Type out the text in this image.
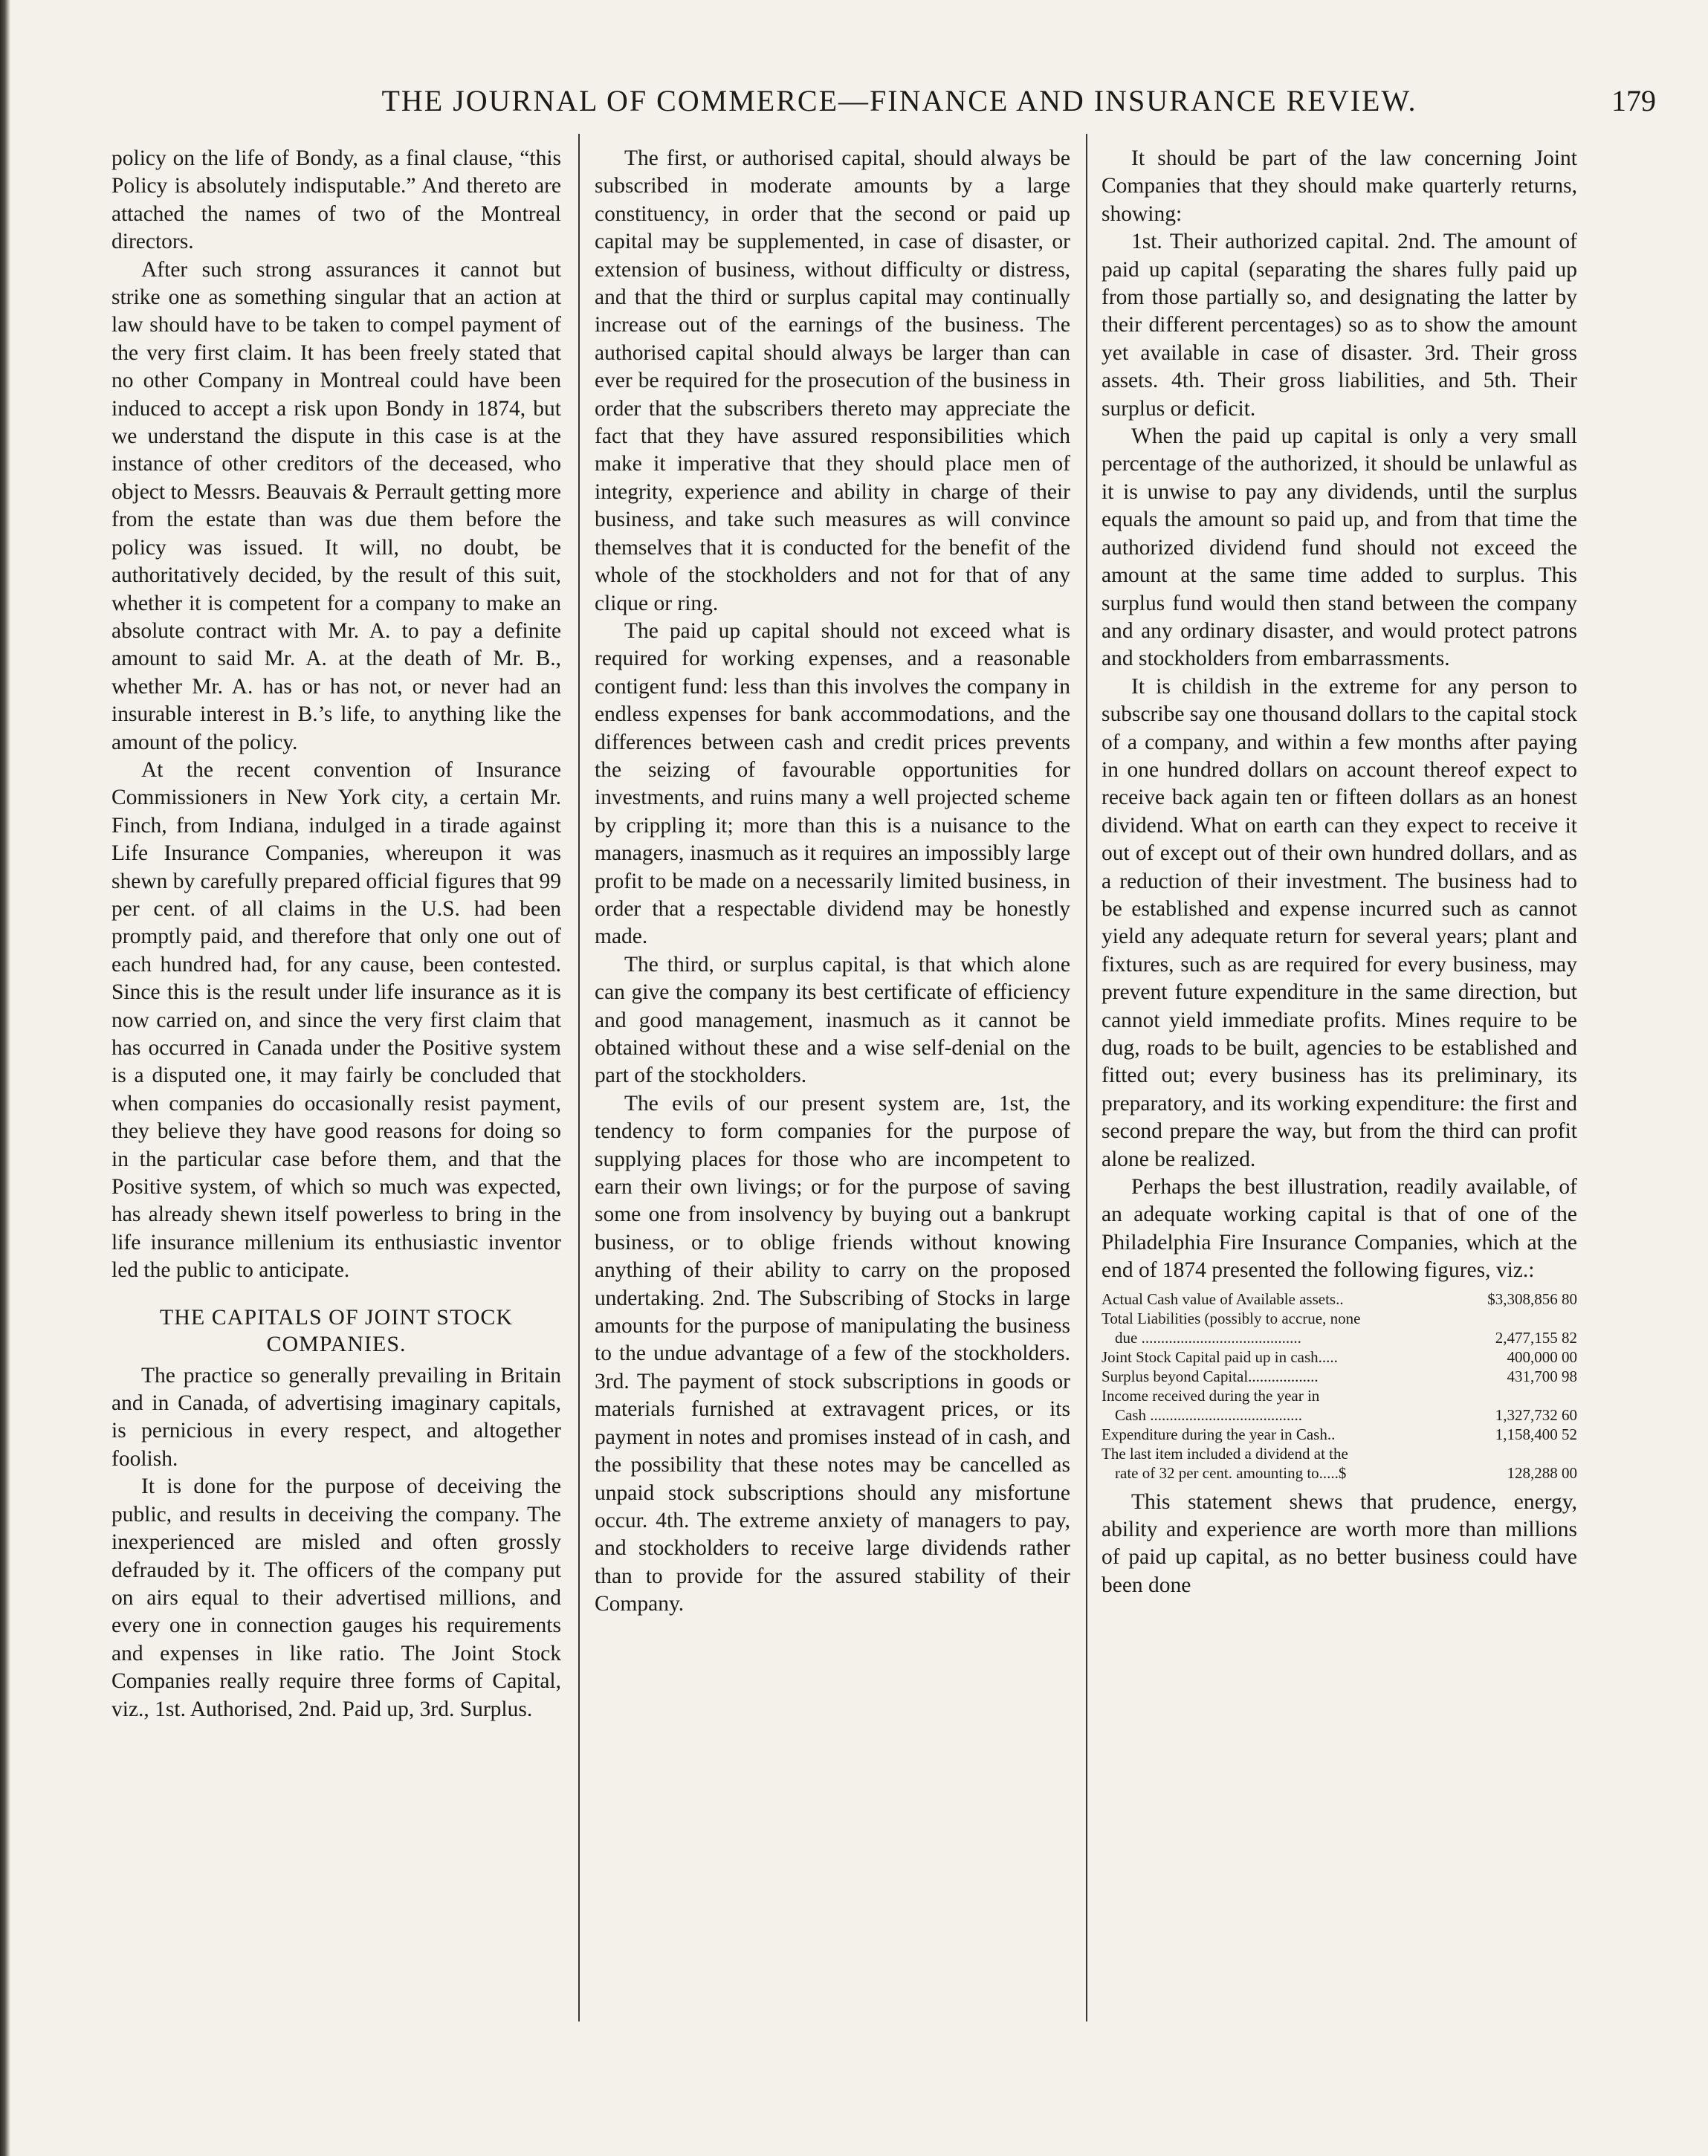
THE JOURNAL OF COMMERCE—FINANCE AND INSURANCE REVIEW.	179

policy on the life of Bondy, as a final clause, “this Policy is absolutely indisputable.” And thereto are attached the names of two of the Montreal directors.

After such strong assurances it cannot but strike one as something singular that an action at law should have to be taken to compel payment of the very first claim. It has been freely stated that no other Company in Montreal could have been induced to accept a risk upon Bondy in 1874, but we understand the dispute in this case is at the instance of other creditors of the deceased, who object to Messrs. Beauvais & Perrault getting more from the estate than was due them before the policy was issued. It will, no doubt, be authoritatively decided, by the result of this suit, whether it is competent for a company to make an absolute contract with Mr. A. to pay a definite amount to said Mr. A. at the death of Mr. B., whether Mr. A. has or has not, or never had an insurable interest in B.’s life, to anything like the amount of the policy.

At the recent convention of Insurance Commissioners in New York city, a certain Mr. Finch, from Indiana, indulged in a tirade against Life Insurance Companies, whereupon it was shewn by carefully prepared official figures that 99 per cent. of all claims in the U.S. had been promptly paid, and therefore that only one out of each hundred had, for any cause, been contested. Since this is the result under life insurance as it is now carried on, and since the very first claim that has occurred in Canada under the Positive system is a disputed one, it may fairly be concluded that when companies do occasionally resist payment, they believe they have good reasons for doing so in the particular case before them, and that the Positive system, of which so much was expected, has already shewn itself powerless to bring in the life insurance millenium its enthusiastic inventor led the public to anticipate.

THE CAPITALS OF JOINT STOCK COMPANIES.

The practice so generally prevailing in Britain and in Canada, of advertising imaginary capitals, is pernicious in every respect, and altogether foolish.

It is done for the purpose of deceiving the public, and results in deceiving the company. The inexperienced are misled and often grossly defrauded by it. The officers of the company put on airs equal to their advertised millions, and every one in connection gauges his requirements and expenses in like ratio. The Joint Stock Companies really require three forms of Capital, viz., 1st. Authorised, 2nd. Paid up, 3rd. Surplus.

The first, or authorised capital, should always be subscribed in moderate amounts by a large constituency, in order that the second or paid up capital may be supplemented, in case of disaster, or extension of business, without difficulty or distress, and that the third or surplus capital may continually increase out of the earnings of the business. The authorised capital should always be larger than can ever be required for the prosecution of the business in order that the subscribers thereto may appreciate the fact that they have assured responsibilities which make it imperative that they should place men of integrity, experience and ability in charge of their business, and take such measures as will convince themselves that it is conducted for the benefit of the whole of the stockholders and not for that of any clique or ring.

The paid up capital should not exceed what is required for working expenses, and a reasonable contigent fund: less than this involves the company in endless expenses for bank accommodations, and the differences between cash and credit prices prevents the seizing of favourable opportunities for investments, and ruins many a well projected scheme by crippling it; more than this is a nuisance to the managers, inasmuch as it requires an impossibly large profit to be made on a necessarily limited business, in order that a respectable dividend may be honestly made.

The third, or surplus capital, is that which alone can give the company its best certificate of efficiency and good management, inasmuch as it cannot be obtained without these and a wise self-denial on the part of the stockholders.

The evils of our present system are, 1st, the tendency to form companies for the purpose of supplying places for those who are incompetent to earn their own livings; or for the purpose of saving some one from insolvency by buying out a bankrupt business, or to oblige friends without knowing anything of their ability to carry on the proposed undertaking. 2nd. The Subscribing of Stocks in large amounts for the purpose of manipulating the business to the undue advantage of a few of the stockholders. 3rd. The payment of stock subscriptions in goods or materials furnished at extravagent prices, or its payment in notes and promises instead of in cash, and the possibility that these notes may be cancelled as unpaid stock subscriptions should any misfortune occur. 4th. The extreme anxiety of managers to pay, and stockholders to receive large dividends rather than to provide for the assured stability of their Company.

It should be part of the law concerning Joint Companies that they should make quarterly returns, showing:

1st. Their authorized capital. 2nd. The amount of paid up capital (separating the shares fully paid up from those partially so, and designating the latter by their different percentages) so as to show the amount yet available in case of disaster. 3rd. Their gross assets. 4th. Their gross liabilities, and 5th. Their surplus or deficit.

When the paid up capital is only a very small percentage of the authorized, it should be unlawful as it is unwise to pay any dividends, until the surplus equals the amount so paid up, and from that time the authorized dividend fund should not exceed the amount at the same time added to surplus. This surplus fund would then stand between the company and any ordinary disaster, and would protect patrons and stockholders from embarrassments.

It is childish in the extreme for any person to subscribe say one thousand dollars to the capital stock of a company, and within a few months after paying in one hundred dollars on account thereof expect to receive back again ten or fifteen dollars as an honest dividend. What on earth can they expect to receive it out of except out of their own hundred dollars, and as a reduction of their investment. The business had to be established and expense incurred such as cannot yield any adequate return for several years; plant and fixtures, such as are required for every business, may prevent future expenditure in the same direction, but cannot yield immediate profits. Mines require to be dug, roads to be built, agencies to be established and fitted out; every business has its preliminary, its preparatory, and its working expenditure: the first and second prepare the way, but from the third can profit alone be realized.

Perhaps the best illustration, readily available, of an adequate working capital is that of one of the Philadelphia Fire Insurance Companies, which at the end of 1874 presented the following figures, viz.:

Actual Cash value of Available assets..	$3,308,856 80
Total Liabilities (possibly to accrue, none	
due .........................................	2,477,155 82
Joint Stock Capital paid up in cash.....	400,000 00
Surplus beyond Capital..................	431,700 98
Income received during the year in	
Cash .......................................	1,327,732 60
Expenditure during the year in Cash..	1,158,400 52
The last item included a dividend at the	
rate of 32 per cent. amounting to.....$	128,288 00

This statement shews that prudence, energy, ability and experience are worth more than millions of paid up capital, as no better business could have been done
